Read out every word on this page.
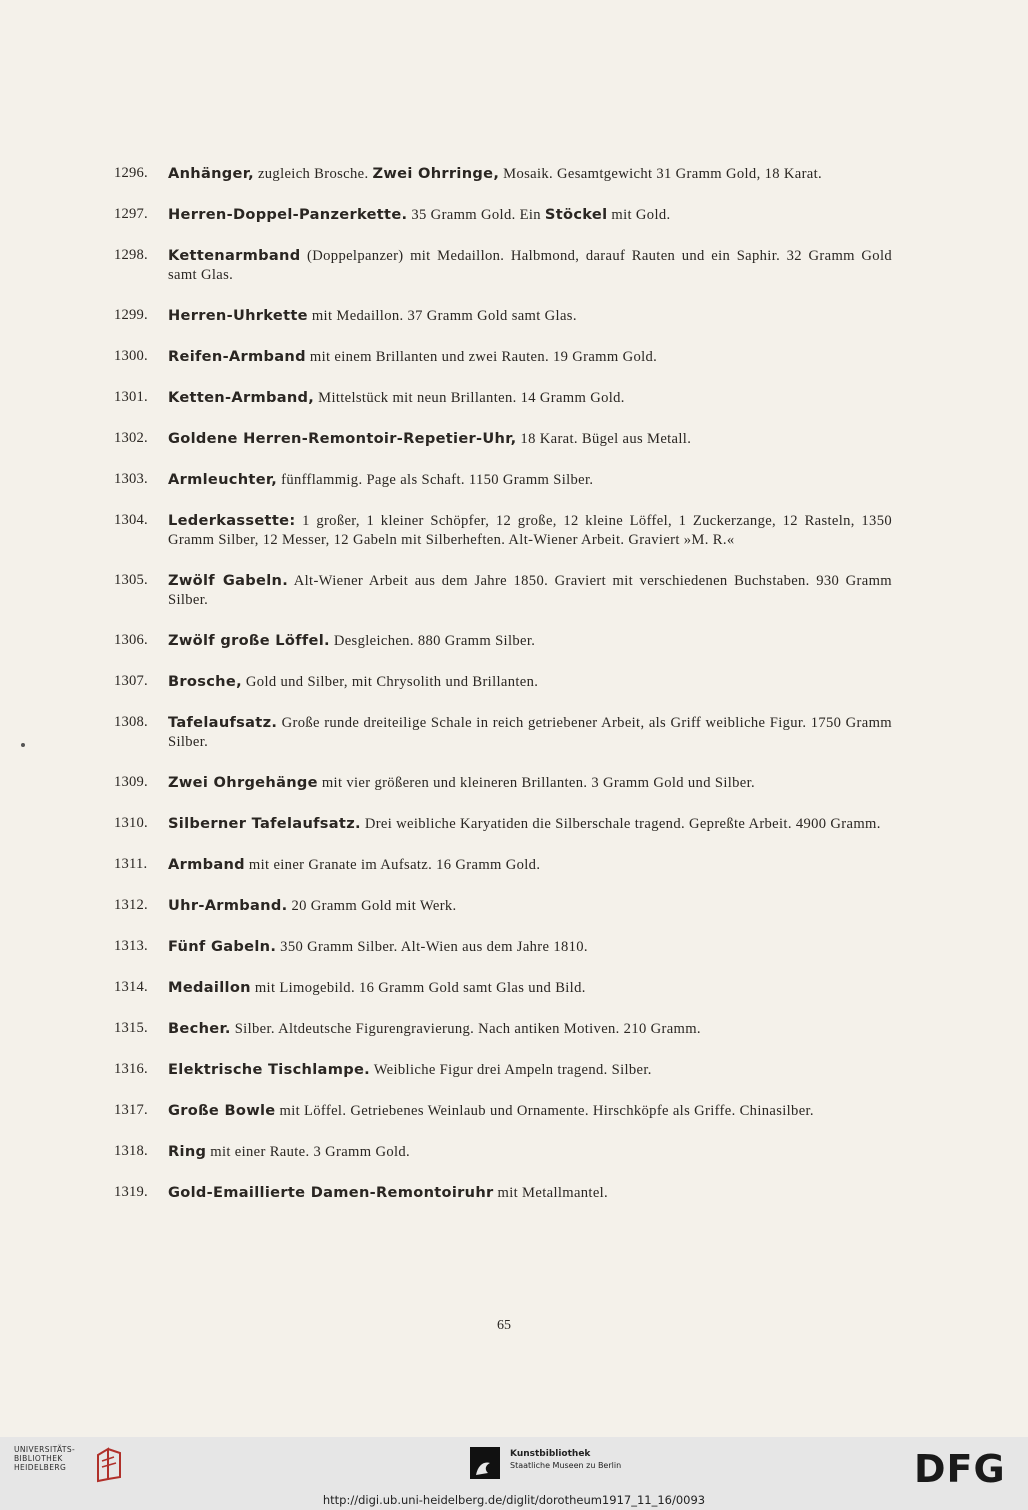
1296.	Anhänger, zugleich Brosche. Zwei Ohrringe, Mosaik. Gesamtgewicht 31 Gramm Gold, 18 Karat.
1297.	Herren-Doppel-Panzerkette. 35 Gramm Gold. Ein Stöckel mit Gold.
1298.	Kettenarmband (Doppelpanzer) mit Medaillon. Halbmond, darauf Rauten und ein Saphir. 32 Gramm Gold samt Glas.
1299.	Herren-Uhrkette mit Medaillon. 37 Gramm Gold samt Glas.
1300.	Reifen-Armband mit einem Brillanten und zwei Rauten. 19 Gramm Gold.
1301.	Ketten-Armband, Mittelstück mit neun Brillanten. 14 Gramm Gold.
1302.	Goldene Herren-Remontoir-Repetier-Uhr, 18 Karat. Bügel aus Metall.
1303.	Armleuchter, fünfflammig. Page als Schaft. 1150 Gramm Silber.
1304.	Lederkassette: 1 großer, 1 kleiner Schöpfer, 12 große, 12 kleine Löffel, 1 Zuckerzange, 12 Rasteln, 1350 Gramm Silber, 12 Messer, 12 Gabeln mit Silberheften. Alt-Wiener Arbeit. Graviert »M. R.«
1305.	Zwölf Gabeln. Alt-Wiener Arbeit aus dem Jahre 1850. Graviert mit verschiedenen Buchstaben. 930 Gramm Silber.
1306.	Zwölf große Löffel. Desgleichen. 880 Gramm Silber.
1307.	Brosche, Gold und Silber, mit Chrysolith und Brillanten.
1308.	Tafelaufsatz. Große runde dreiteilige Schale in reich getriebener Arbeit, als Griff weibliche Figur. 1750 Gramm Silber.
1309.	Zwei Ohrgehänge mit vier größeren und kleineren Brillanten. 3 Gramm Gold und Silber.
1310.	Silberner Tafelaufsatz. Drei weibliche Karyatiden die Silberschale tragend. Gepreßte Arbeit. 4900 Gramm.
1311.	Armband mit einer Granate im Aufsatz. 16 Gramm Gold.
1312.	Uhr-Armband. 20 Gramm Gold mit Werk.
1313.	Fünf Gabeln. 350 Gramm Silber. Alt-Wien aus dem Jahre 1810.
1314.	Medaillon mit Limogebild. 16 Gramm Gold samt Glas und Bild.
1315.	Becher. Silber. Altdeutsche Figurengravierung. Nach antiken Motiven. 210 Gramm.
1316.	Elektrische Tischlampe. Weibliche Figur drei Ampeln tragend. Silber.
1317.	Große Bowle mit Löffel. Getriebenes Weinlaub und Ornamente. Hirschköpfe als Griffe. Chinasilber.
1318.	Ring mit einer Raute. 3 Gramm Gold.
1319.	Gold-Emaillierte Damen-Remontoiruhr mit Metallmantel.
65
UNIVERSITÄTS-
BIBLIOTHEK
HEIDELBERG
Kunstbibliothek
Staatliche Museen zu Berlin	DFG
http://digi.ub.uni-heidelberg.de/diglit/dorotheum1917_11_16/0093
